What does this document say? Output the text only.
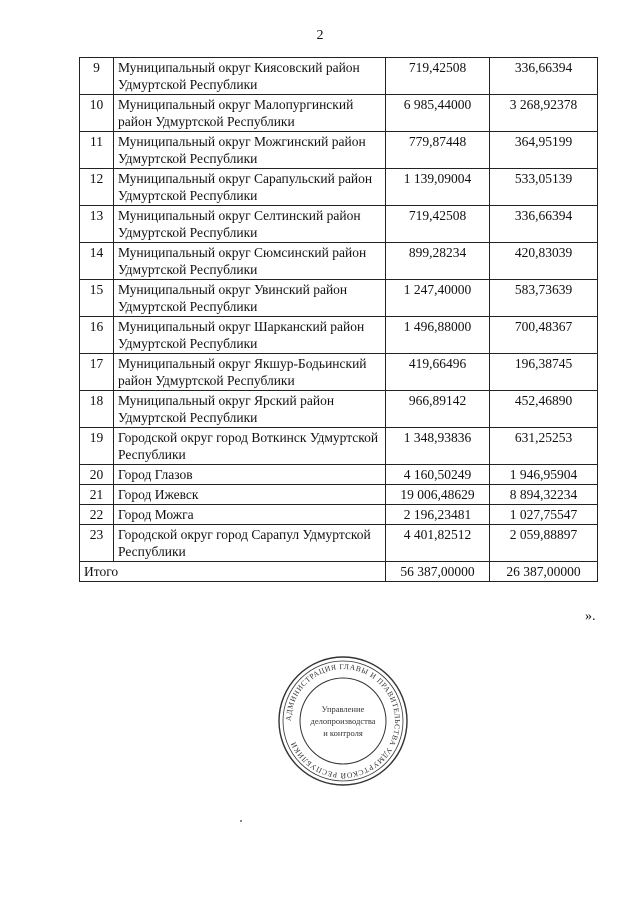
2
9	Муниципальный округ Киясовский район Удмуртской Республики	719,42508	336,66394
10	Муниципальный округ Малопургинский район Удмуртской Республики	6 985,44000	3 268,92378
11	Муниципальный округ Можгинский район Удмуртской Республики	779,87448	364,95199
12	Муниципальный округ Сарапульский район Удмуртской Республики	1 139,09004	533,05139
13	Муниципальный округ Селтинский район Удмуртской Республики	719,42508	336,66394
14	Муниципальный округ Сюмсинский район Удмуртской Республики	899,28234	420,83039
15	Муниципальный округ Увинский район Удмуртской Республики	1 247,40000	583,73639
16	Муниципальный округ Шарканский район Удмуртской Республики	1 496,88000	700,48367
17	Муниципальный округ Якшур-Бодьинский район Удмуртской Республики	419,66496	196,38745
18	Муниципальный округ Ярский район Удмуртской Республики	966,89142	452,46890
19	Городской округ город Воткинск Удмуртской Республики	1 348,93836	631,25253
20	Город Глазов	4 160,50249	1 946,95904
21	Город Ижевск	19 006,48629	8 894,32234
22	Город Можга	2 196,23481	1 027,75547
23	Городской округ город Сарапул Удмуртской Республики	4 401,82512	2 059,88897
Итого		56 387,00000	26 387,00000
».
АДМИНИСТРАЦИЯ ГЛАВЫ И ПРАВИТЕЛЬСТВА УДМУРТСКОЙ РЕСПУБЛИКИ
Управление
делопроизводства
и контроля
